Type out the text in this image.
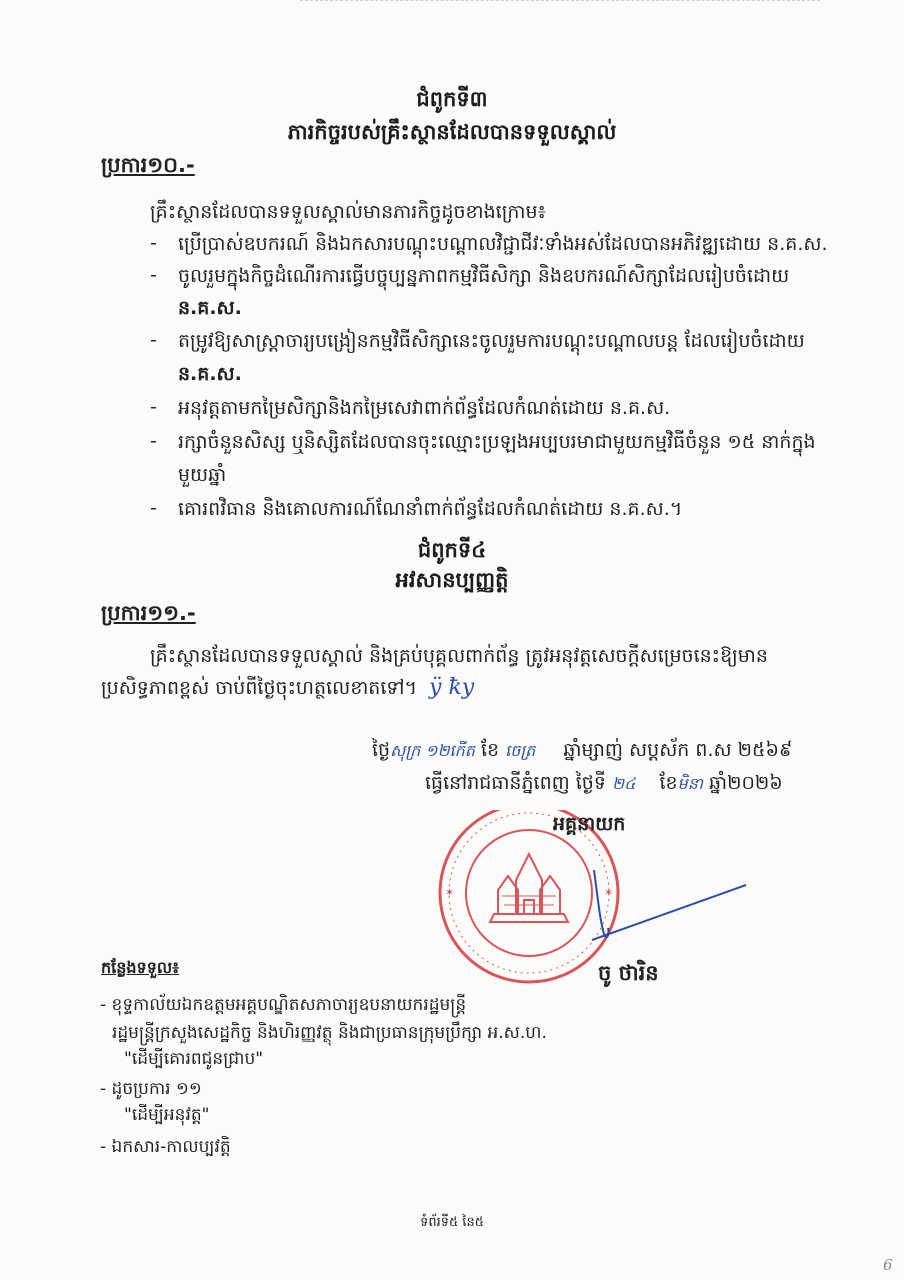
ជំពូកទី៣
ភារកិច្ចរបស់គ្រឹះស្ថានដែលបានទទួលស្គាល់
ប្រការ១០.-
គ្រឹះស្ថានដែលបានទទួលស្គាល់មានភារកិច្ចដូចខាងក្រោម៖
- ប្រើប្រាស់ឧបករណ៍ និងឯកសារបណ្តុះបណ្តាលវិជ្ជាជីវៈទាំងអស់ដែលបានអភិវឌ្ឍដោយ ន.គ.ស.
- ចូលរួមក្នុងកិច្ចដំណើរការធ្វើបច្ចុប្បន្នភាពកម្មវិធីសិក្សា និងឧបករណ៍សិក្សាដែលរៀបចំដោយ
ន.គ.ស.
- តម្រូវឱ្យសាស្ត្រាចារ្យបង្រៀនកម្មវិធីសិក្សានេះចូលរួមការបណ្តុះបណ្តាលបន្ត ដែលរៀបចំដោយ
ន.គ.ស.
- អនុវត្តតាមកម្រៃសិក្សានិងកម្រៃសេវាពាក់ព័ន្ធដែលកំណត់ដោយ ន.គ.ស.
- រក្សាចំនួនសិស្ស ឬនិស្សិតដែលបានចុះឈ្មោះប្រឡងអប្បបរមាជាមួយកម្មវិធីចំនួន ១៥ នាក់ក្នុង
មួយឆ្នាំ
- គោរពវិធាន និងគោលការណ៍ណែនាំពាក់ព័ន្ធដែលកំណត់ដោយ ន.គ.ស.។
ជំពូកទី៤
អវសានប្បញ្ញត្តិ
ប្រការ១១.-
គ្រឹះស្ថានដែលបានទទួលស្គាល់ និងគ្រប់បុគ្គលពាក់ព័ន្ធ ត្រូវអនុវត្តសេចក្តីសម្រេចនេះឱ្យមាន
ប្រសិទ្ធភាពខ្ពស់ ចាប់ពីថ្ងៃចុះហត្ថលេខាតទៅ។ ÿ ꝁy
ថ្ងៃសុក្រ ១២កើត ខែ ចេត្រ ឆ្នាំម្សាញ់ សប្តស័ក ព.ស ២៥៦៩
ធ្វើនៅរាជធានីភ្នំពេញ ថ្ងៃទី ២៤ ខែមិនា ឆ្នាំ២០២៦
✶	✶
អគ្គនាយក
ចូ ថារិន
កន្លែងទទួល៖
- ខុទ្ទកាល័យឯកឧត្តមអគ្គបណ្ឌិតសភាចារ្យឧបនាយករដ្ឋមន្ត្រី
រដ្ឋមន្ត្រីក្រសួងសេដ្ឋកិច្ច និងហិរញ្ញវត្ថុ និងជាប្រធានក្រុមប្រឹក្សា អ.ស.ហ.
"ដើម្បីគោរពជូនជ្រាប"
- ដូចប្រការ ១១
"ដើម្បីអនុវត្ត"
- ឯកសារ-កាលប្បវត្តិ
ទំព័រទី៥ នៃ៥
6
